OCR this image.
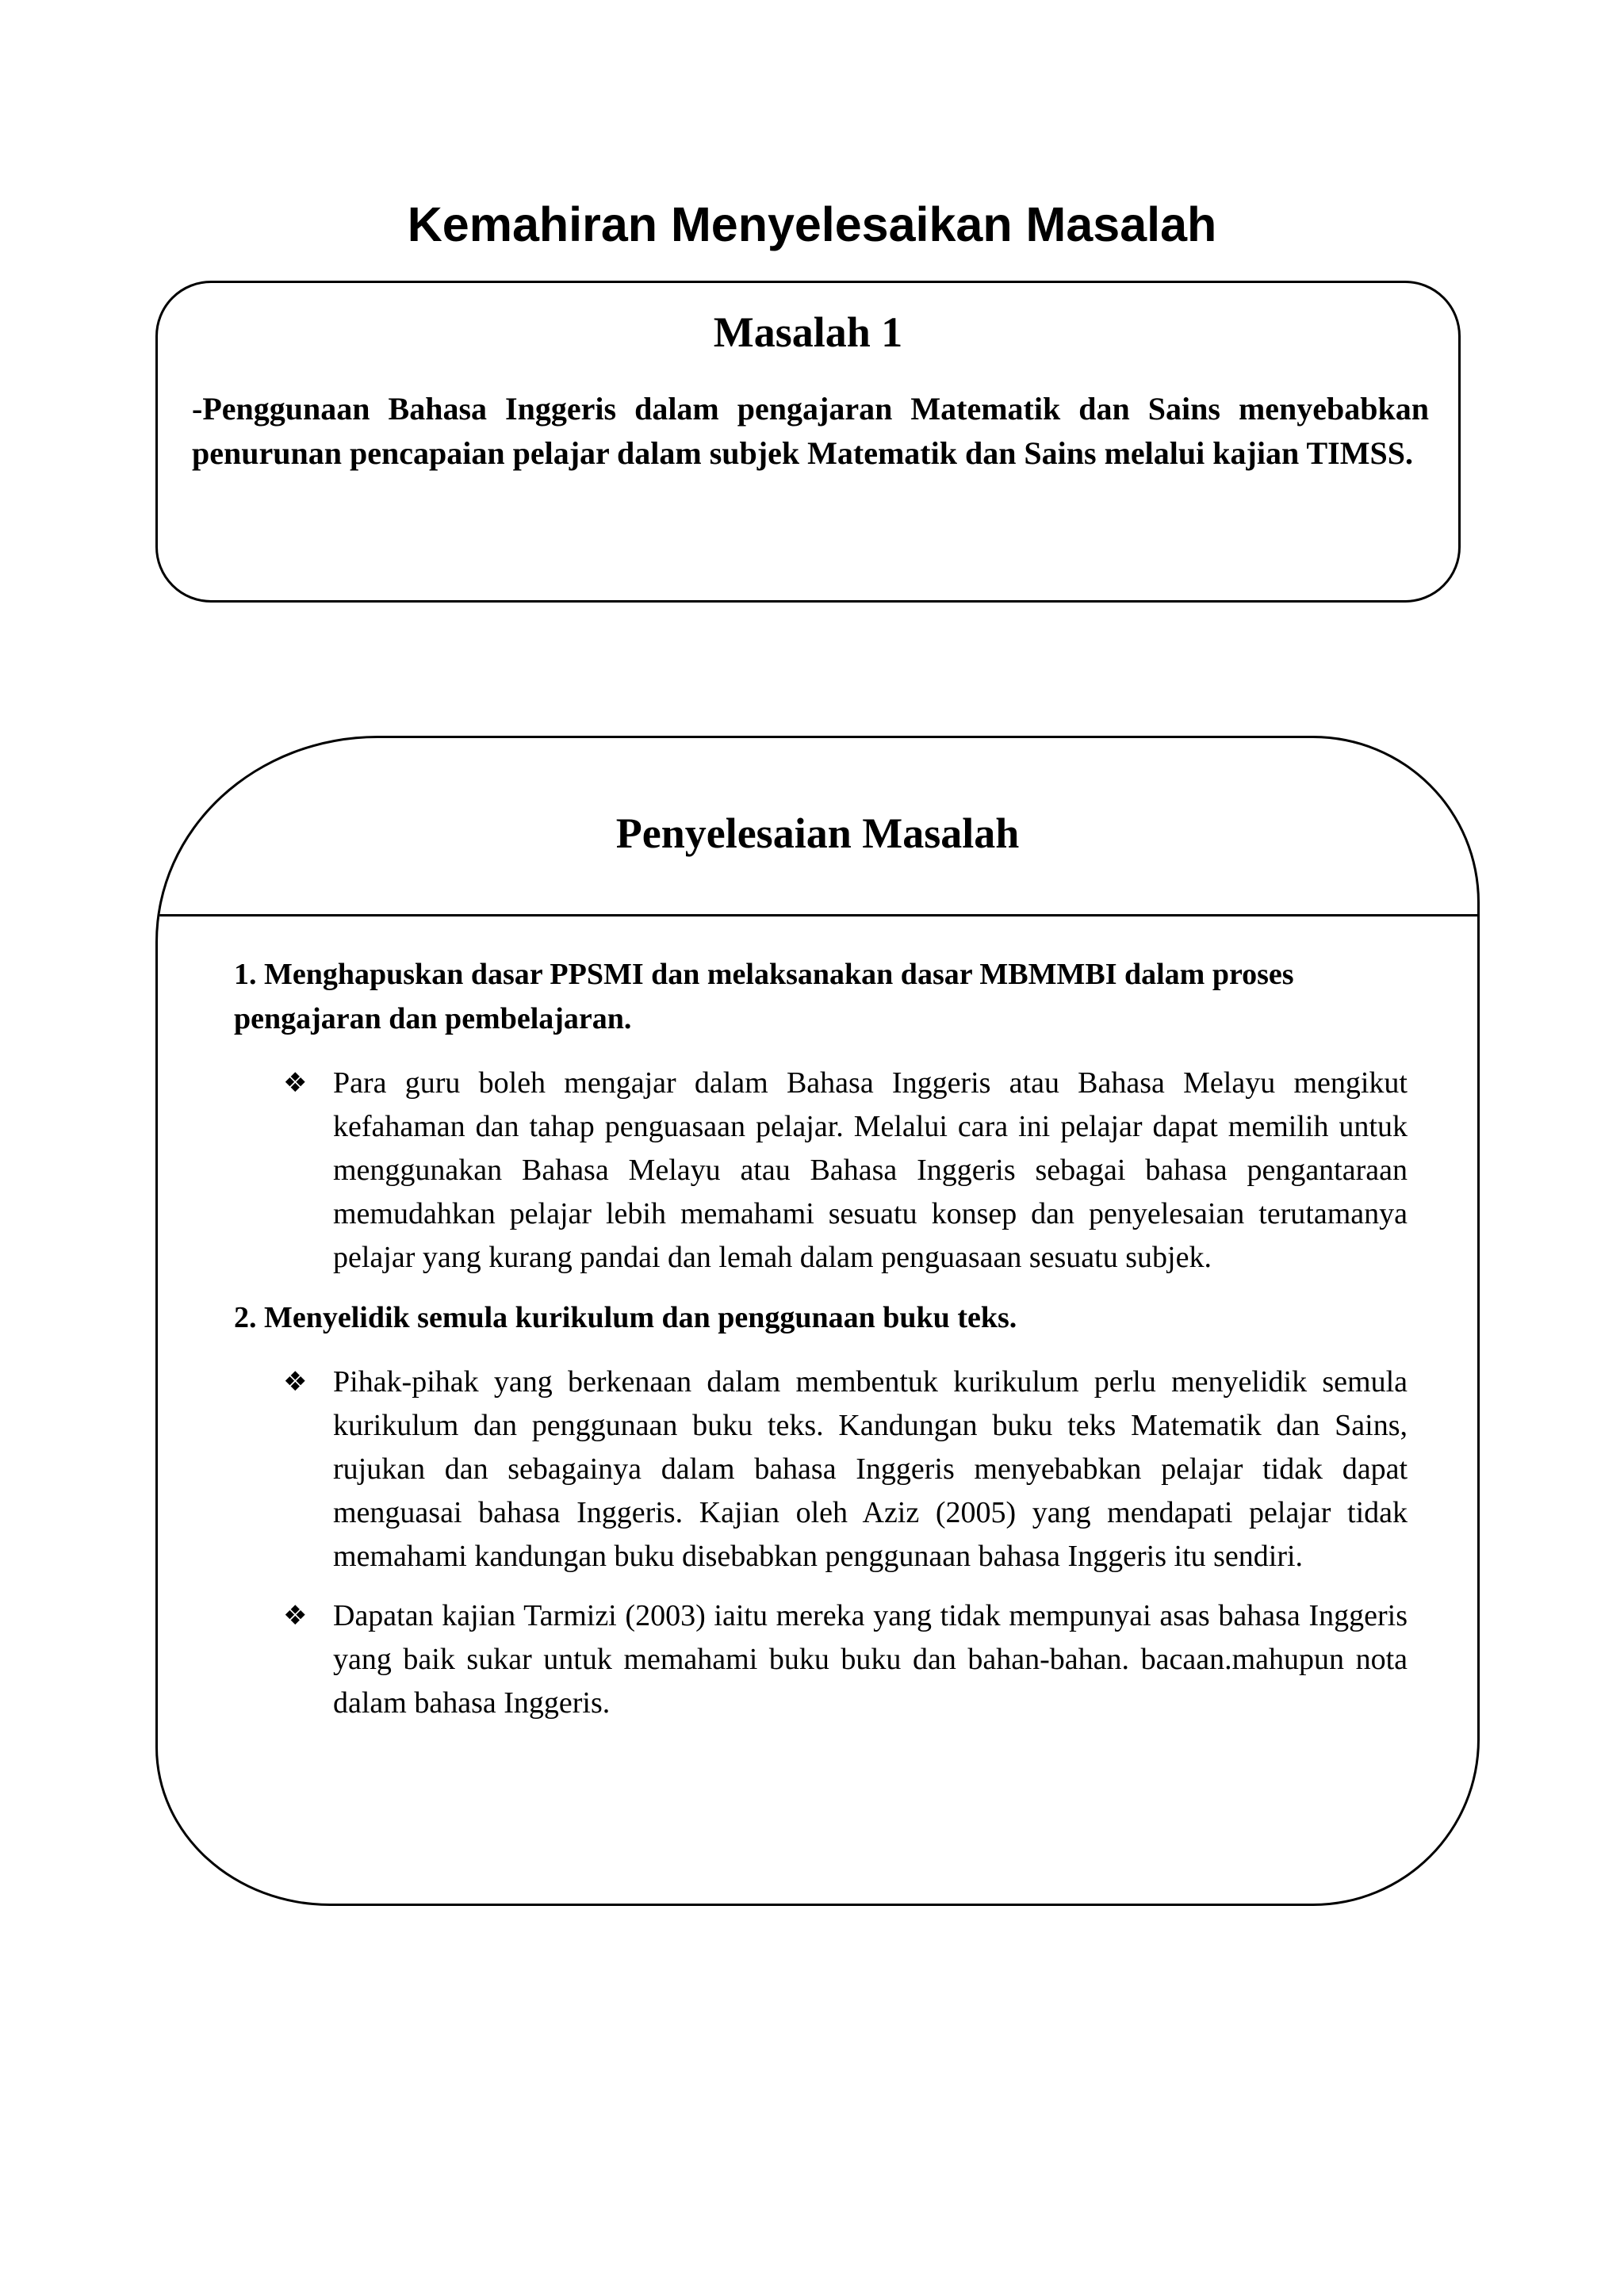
Kemahiran Menyelesaikan Masalah
Masalah 1

-Penggunaan Bahasa Inggeris dalam pengajaran Matematik dan Sains menyebabkan penurunan pencapaian pelajar dalam subjek Matematik dan Sains melalui kajian TIMSS.

Penyelesaian Masalah

1. Menghapuskan dasar PPSMI dan melaksanakan dasar MBMMBI dalam proses pengajaran dan pembelajaran.

❖ Para guru boleh mengajar dalam Bahasa Inggeris atau Bahasa Melayu mengikut kefahaman dan tahap penguasaan pelajar. Melalui cara ini pelajar dapat memilih untuk menggunakan Bahasa Melayu atau Bahasa Inggeris sebagai bahasa pengantaraan memudahkan pelajar lebih memahami sesuatu konsep dan penyelesaian terutamanya pelajar yang kurang pandai dan lemah dalam penguasaan sesuatu subjek.

2. Menyelidik semula kurikulum dan penggunaan buku teks.

❖ Pihak-pihak yang berkenaan dalam membentuk kurikulum perlu menyelidik semula kurikulum dan penggunaan buku teks. Kandungan buku teks Matematik dan Sains, rujukan dan sebagainya dalam bahasa Inggeris menyebabkan pelajar tidak dapat menguasai bahasa Inggeris. Kajian oleh Aziz (2005) yang mendapati pelajar tidak memahami kandungan buku disebabkan penggunaan bahasa Inggeris itu sendiri.
❖ Dapatan kajian Tarmizi (2003) iaitu mereka yang tidak mempunyai asas bahasa Inggeris yang baik sukar untuk memahami buku buku dan bahan-bahan. bacaan.mahupun nota dalam bahasa Inggeris.
